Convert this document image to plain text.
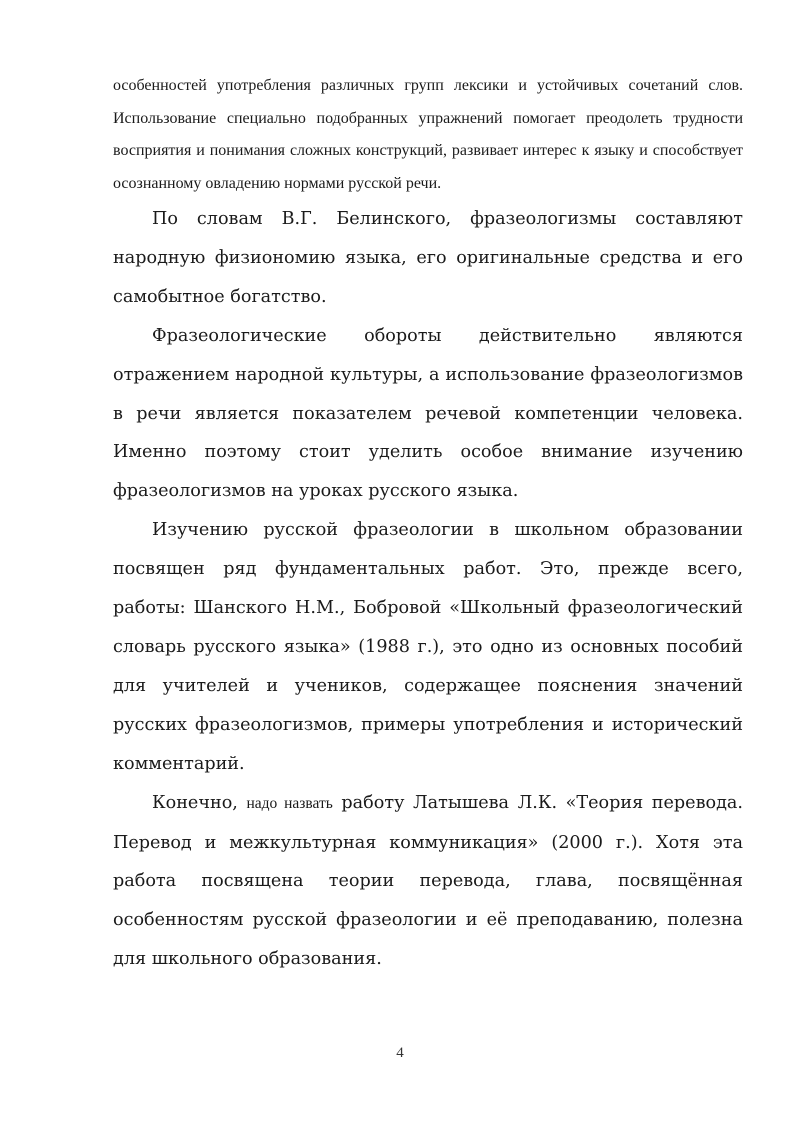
особенностей употребления различных групп лексики и устойчивых сочетаний слов. Использование специально подобранных упражнений помогает преодолеть трудности восприятия и понимания сложных конструкций, развивает интерес к языку и способствует осознанному овладению нормами русской речи.

По словам В.Г. Белинского, фразеологизмы составляют народную физиономию языка, его оригинальные средства и его самобытное богатство.

Фразеологические обороты действительно являются отражением народной культуры, а использование фразеологизмов в речи является показателем речевой компетенции человека. Именно поэтому стоит уделить особое внимание изучению фразеологизмов на уроках русского языка.

Изучению русской фразеологии в школьном образовании посвящен ряд фундаментальных работ. Это, прежде всего, работы: Шанского Н.М., Бобровой «Школьный фразеологический словарь русского языка» (1988 г.), это одно из основных пособий для учителей и учеников, содержащее пояснения значений русских фразеологизмов, примеры употребления и исторический комментарий.

Конечно, надо назвать работу Латышева Л.К. «Теория перевода. Перевод и межкультурная коммуникация» (2000 г.). Хотя эта работа посвящена теории перевода, глава, посвящённая особенностям русской фразеологии и её преподаванию, полезна для школьного образования.

4
